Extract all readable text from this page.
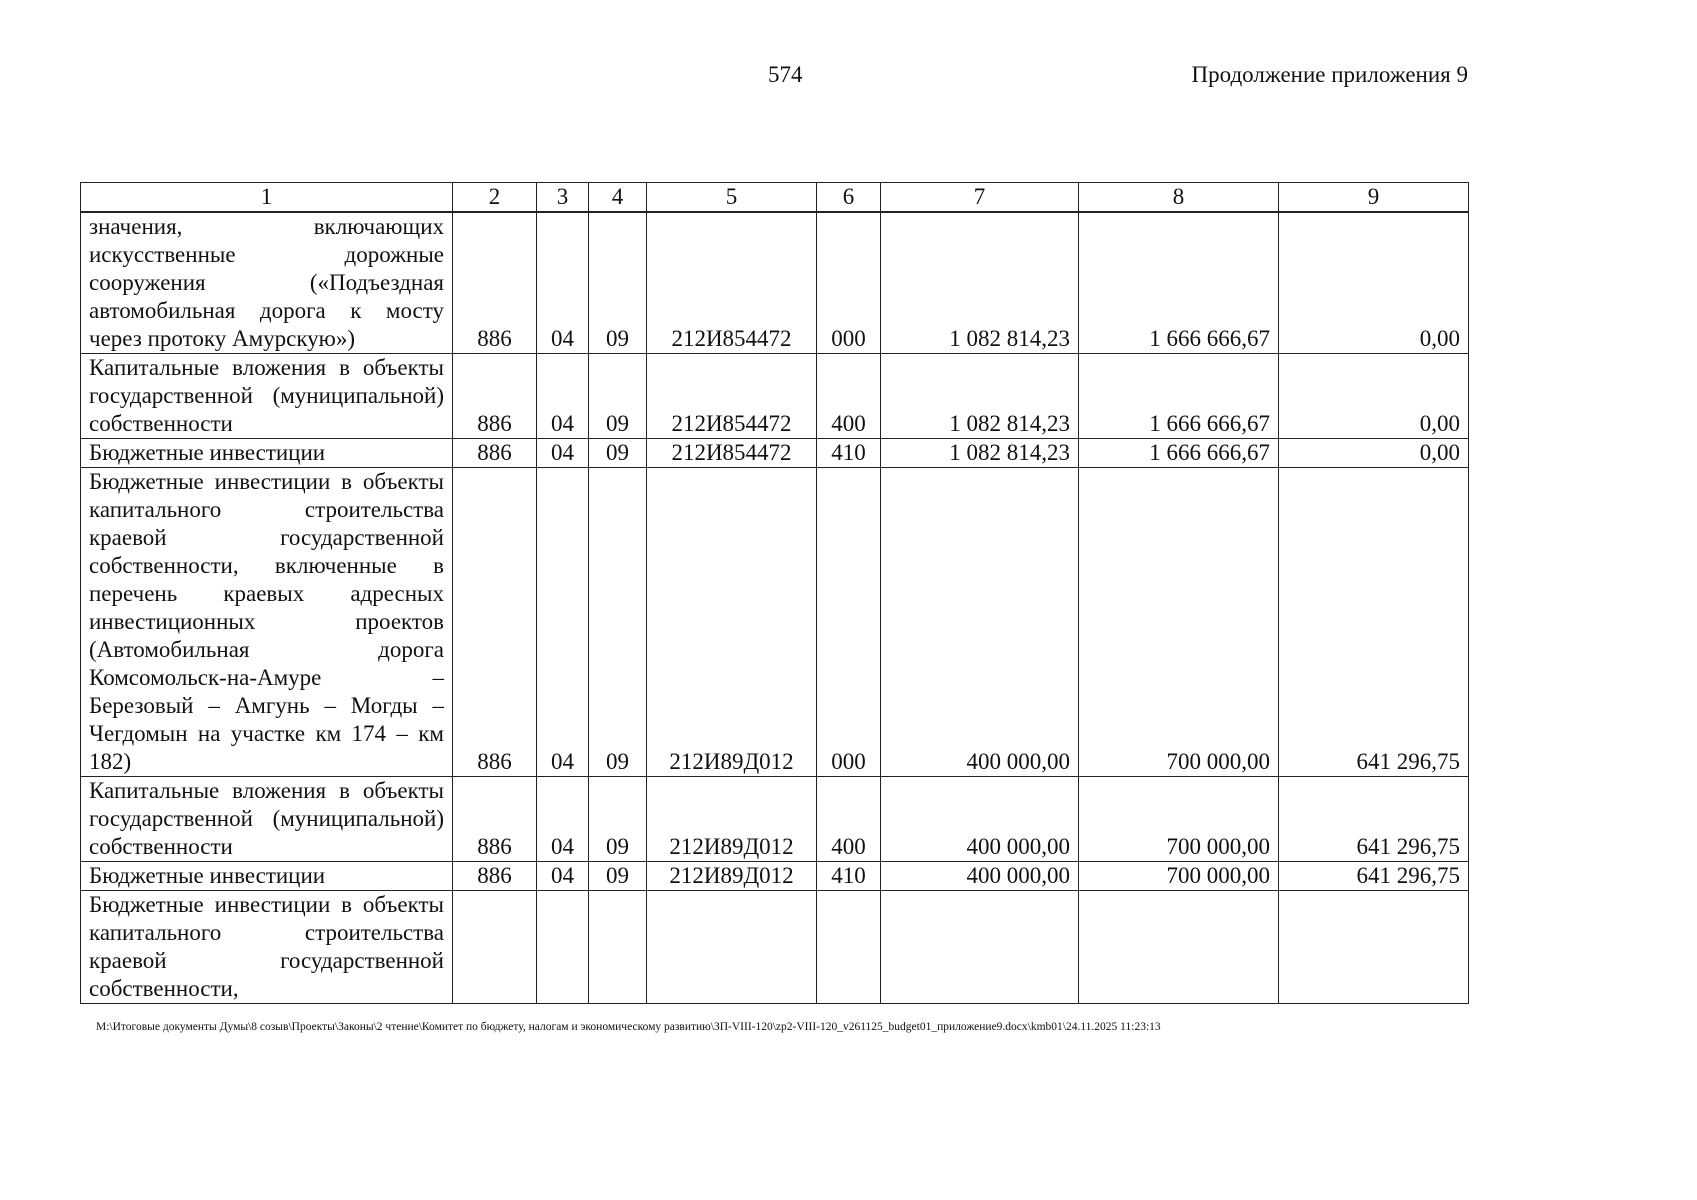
574	Продолжение приложения 9
1	2	3	4	5	6	7	8	9
значения, включающих искусственные дорожные сооружения («Подъездная автомобильная дорога к мосту через протоку Амурскую»)	886	04	09	212И854472	000	1 082 814,23	1 666 666,67	0,00
Капитальные вложения в объекты государственной (муниципальной) собственности	886	04	09	212И854472	400	1 082 814,23	1 666 666,67	0,00
Бюджетные инвестиции	886	04	09	212И854472	410	1 082 814,23	1 666 666,67	0,00
Бюджетные инвестиции в объекты капитального строительства краевой государственной собственности, включенные в перечень краевых адресных инвестиционных проектов (Автомобильная дорога Комсомольск-на-Амуре – Березовый – Амгунь – Могды – Чегдомын на участке км 174 – км 182)	886	04	09	212И89Д012	000	400 000,00	700 000,00	641 296,75
Капитальные вложения в объекты государственной (муниципальной) собственности	886	04	09	212И89Д012	400	400 000,00	700 000,00	641 296,75
Бюджетные инвестиции	886	04	09	212И89Д012	410	400 000,00	700 000,00	641 296,75
Бюджетные инвестиции в объекты капитального строительства краевой государственной собственности,								
M:\Итоговые документы Думы\8 созыв\Проекты\Законы\2 чтение\Комитет по бюджету, налогам и экономическому развитию\ЗП-VIII-120\zp2-VIII-120_v261125_budget01_приложение9.docx\kmb01\24.11.2025 11:23:13
